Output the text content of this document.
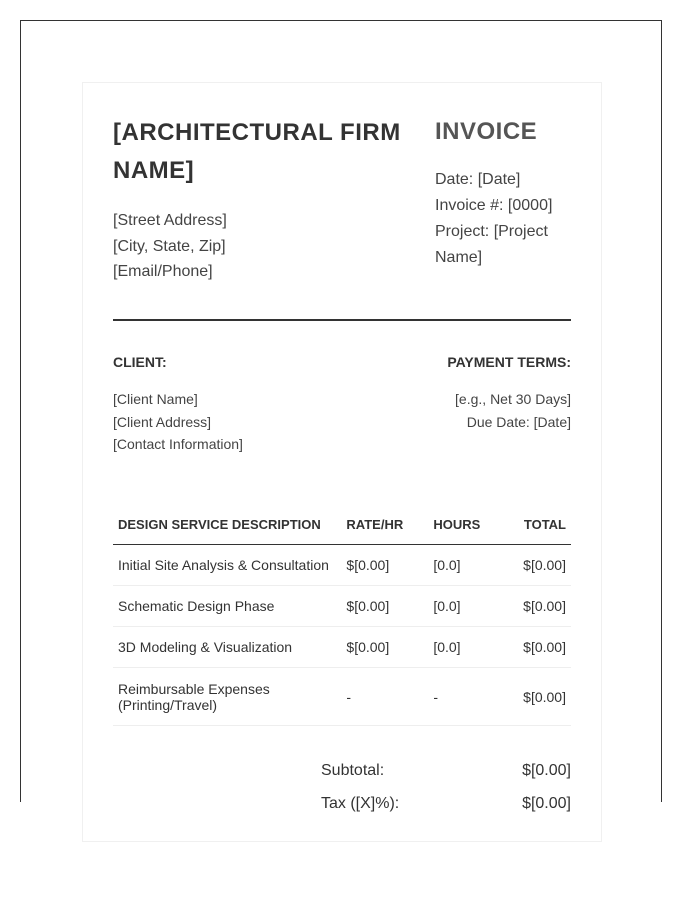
[ARCHITECTURAL FIRM
NAME]
[Street Address]
[City, State, Zip]
[Email/Phone]
INVOICE
Date: [Date]
Invoice #: [0000]
Project: [Project
Name]
CLIENT:	PAYMENT TERMS:
[Client Name]
[Client Address]
[Contact Information]
[e.g., Net 30 Days]
Due Date: [Date]
DESIGN SERVICE DESCRIPTION	RATE/HR	HOURS	TOTAL
Initial Site Analysis & Consultation	$[0.00]	[0.0]	$[0.00]
Schematic Design Phase	$[0.00]	[0.0]	$[0.00]
3D Modeling & Visualization	$[0.00]	[0.0]	$[0.00]

Reimbursable Expenses
(Printing/Travel)	-	-	$[0.00]
Subtotal:	$[0.00]
Tax ([X]%):	$[0.00]
